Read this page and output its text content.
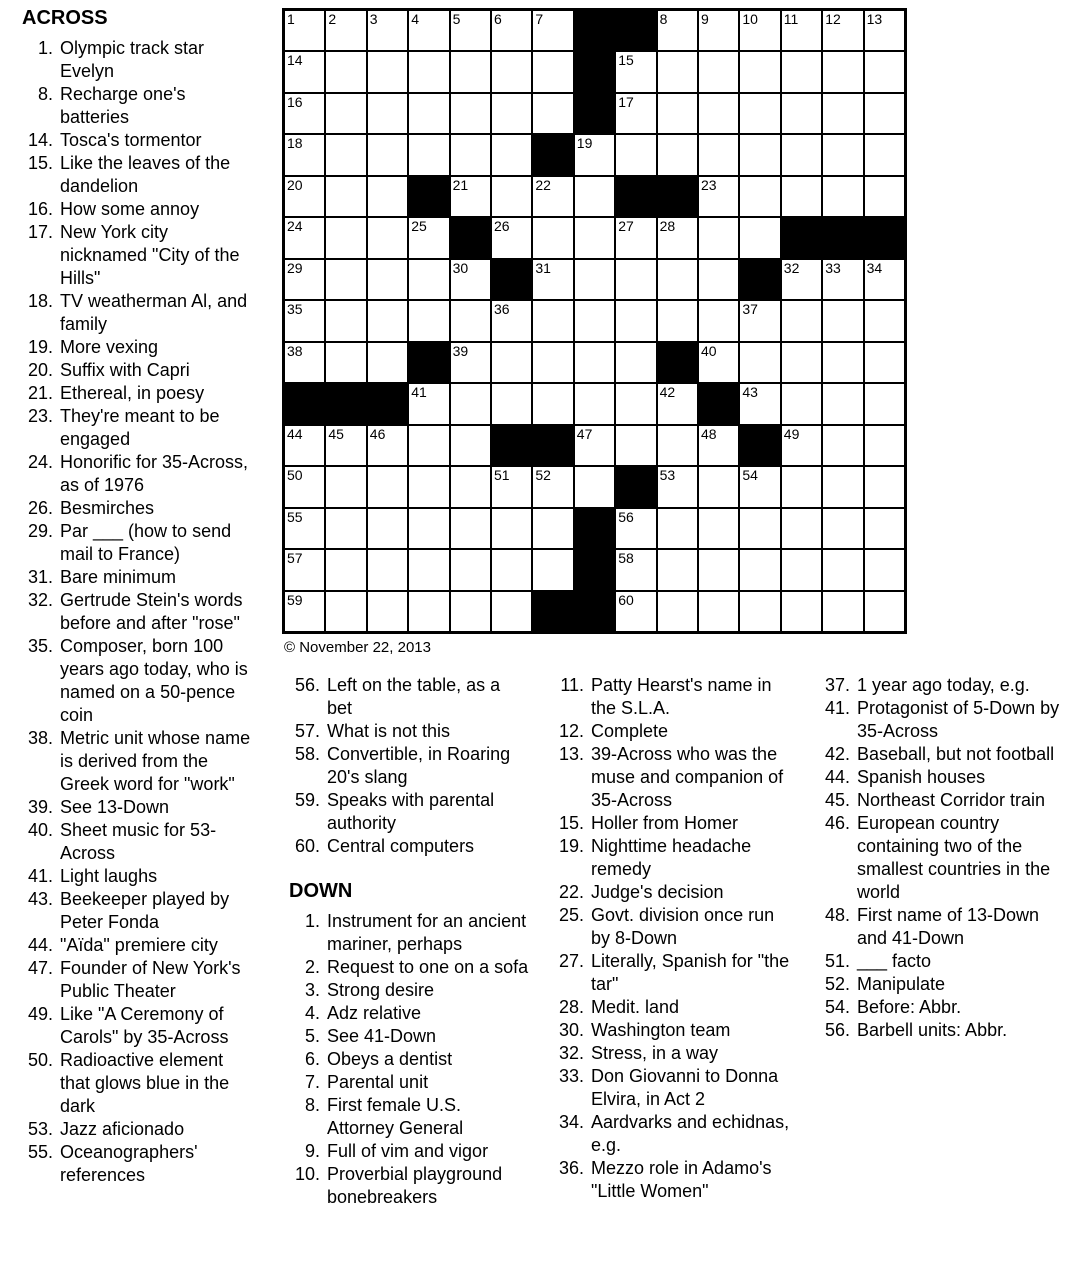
ACROSS
1. Olympic track star Evelyn
8. Recharge one's batteries
14. Tosca's tormentor
15. Like the leaves of the dandelion
16. How some annoy
17. New York city nicknamed "City of the Hills"
18. TV weatherman Al, and family
19. More vexing
20. Suffix with Capri
21. Ethereal, in poesy
23. They're meant to be engaged
24. Honorific for 35-Across, as of 1976
26. Besmirches
29. Par ___ (how to send mail to France)
31. Bare minimum
32. Gertrude Stein's words before and after "rose"
35. Composer, born 100 years ago today, who is named on a 50-pence coin
38. Metric unit whose name is derived from the Greek word for "work"
39. See 13-Down
40. Sheet music for 53-Across
41. Light laughs
43. Beekeeper played by Peter Fonda
44. "Aïda" premiere city
47. Founder of New York's Public Theater
49. Like "A Ceremony of Carols" by 35-Across
50. Radioactive element that glows blue in the dark
53. Jazz aficionado
55. Oceanographers' references
1 2 3 4 5 6 7	8 9 10 11 12 13
14	15
16	17
18	19
20	21	22	23
24	25	26	27 28
29	30	31	32 33 34
35	36	37
38	39	40
41	42	43
44 45 46	47	48	49
50	51 52	53	54
55	56
57	58
59	60
© November 22, 2013
56. Left on the table, as a bet
57. What is not this
58. Convertible, in Roaring 20's slang
59. Speaks with parental authority
60. Central computers
DOWN
1. Instrument for an ancient mariner, perhaps
2. Request to one on a sofa
3. Strong desire
4. Adz relative
5. See 41-Down
6. Obeys a dentist
7. Parental unit
8. First female U.S. Attorney General
9. Full of vim and vigor
10. Proverbial playground bonebreakers
11. Patty Hearst's name in the S.L.A.
12. Complete
13. 39-Across who was the muse and companion of 35-Across
15. Holler from Homer
19. Nighttime headache remedy
22. Judge's decision
25. Govt. division once run by 8-Down
27. Literally, Spanish for "the tar"
28. Medit. land
30. Washington team
32. Stress, in a way
33. Don Giovanni to Donna Elvira, in Act 2
34. Aardvarks and echidnas, e.g.
36. Mezzo role in Adamo's "Little Women"
37. 1 year ago today, e.g.
41. Protagonist of 5-Down by 35-Across
42. Baseball, but not football
44. Spanish houses
45. Northeast Corridor train
46. European country containing two of the smallest countries in the world
48. First name of 13-Down and 41-Down
51. ___ facto
52. Manipulate
54. Before: Abbr.
56. Barbell units: Abbr.
